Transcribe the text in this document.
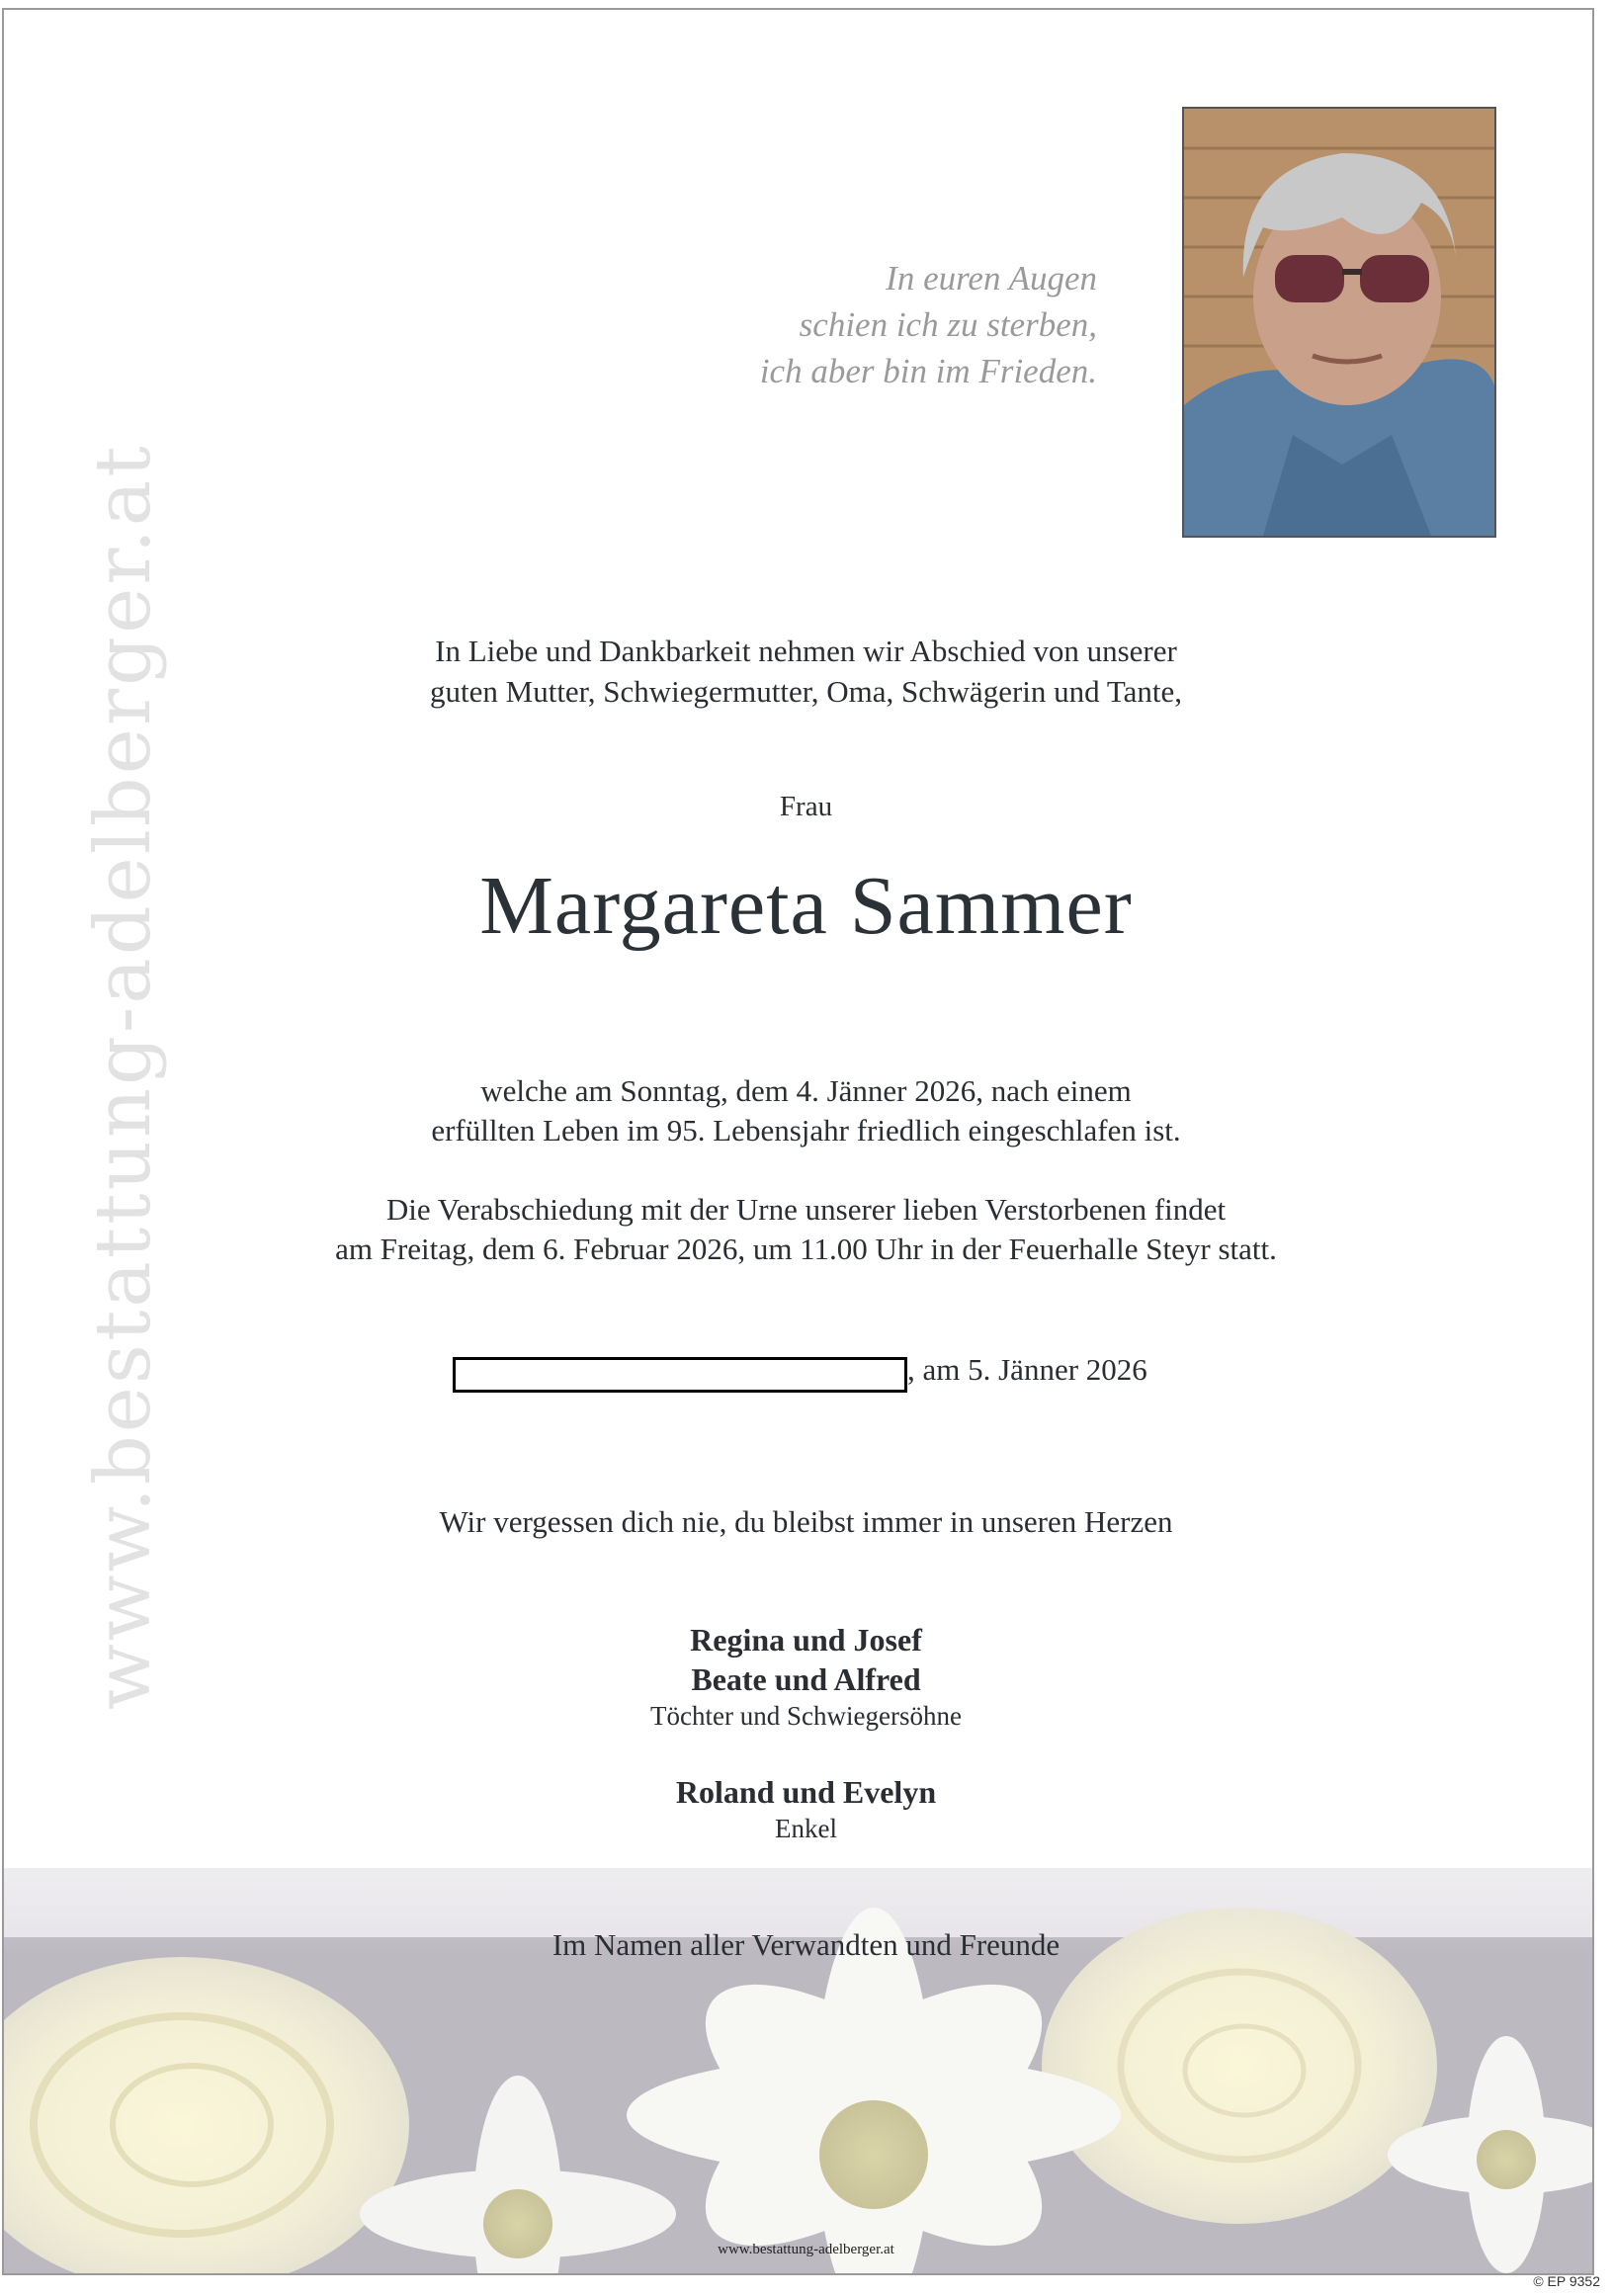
www.bestattung-adelberger.at
In euren Augen
schien ich zu sterben,
ich aber bin im Frieden.
In Liebe und Dankbarkeit nehmen wir Abschied von unserer
guten Mutter, Schwiegermutter, Oma, Schwägerin und Tante,
Frau
Margareta Sammer
welche am Sonntag, dem 4. Jänner 2026, nach einem
erfüllten Leben im 95. Lebensjahr friedlich eingeschlafen ist.
Die Verabschiedung mit der Urne unserer lieben Verstorbenen findet
am Freitag, dem 6. Februar 2026, um 11.00 Uhr in der Feuerhalle Steyr statt.
, am 5. Jänner 2026
Wir vergessen dich nie, du bleibst immer in unseren Herzen
Regina und Josef
Beate und Alfred
Töchter und Schwiegersöhne
Roland und Evelyn
Enkel
Im Namen aller Verwandten und Freunde
www.bestattung-adelberger.at
© EP 9352
